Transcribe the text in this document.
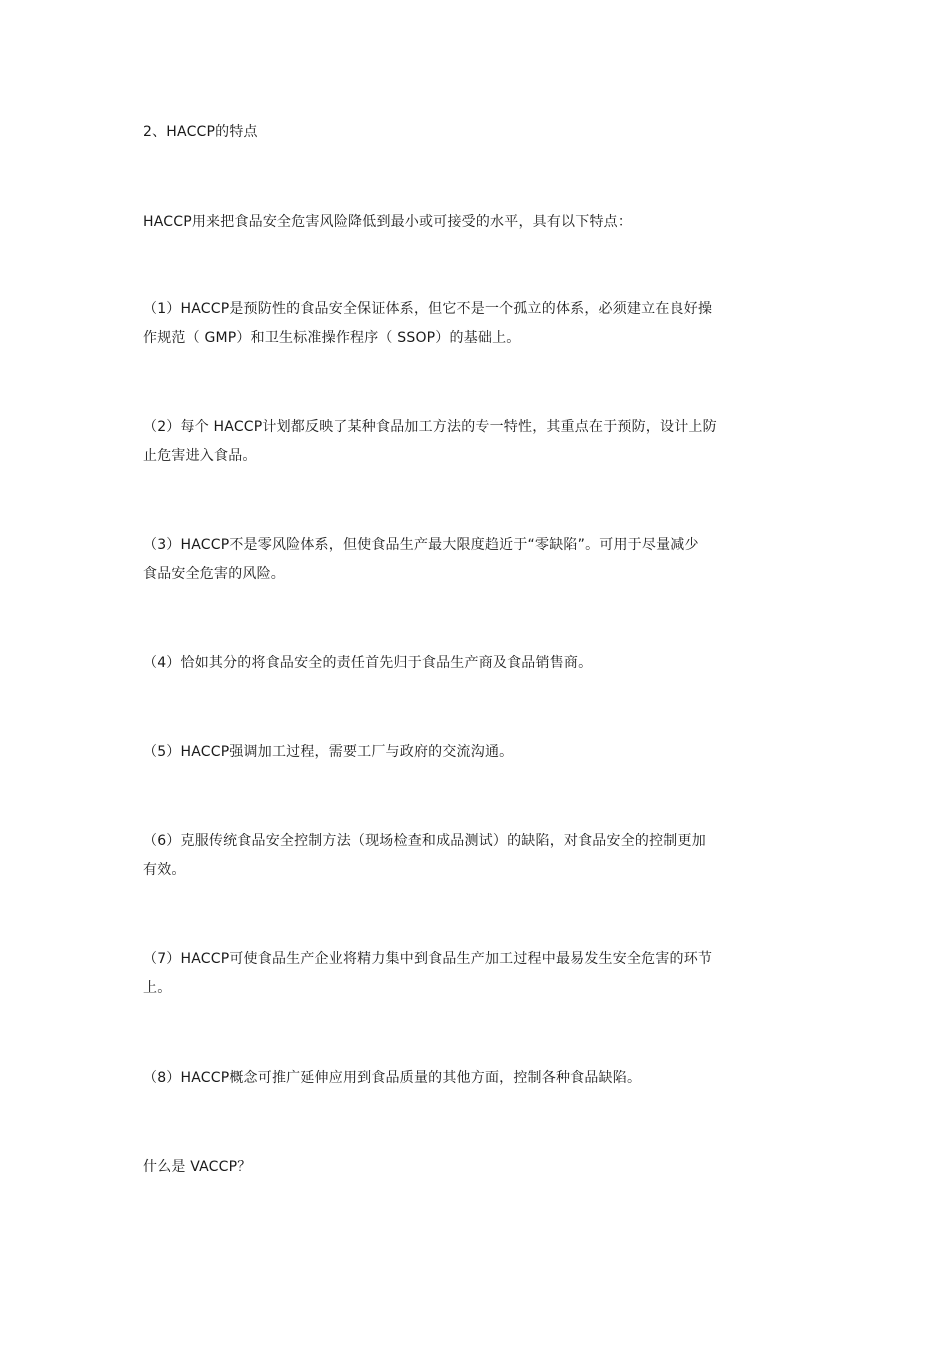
2、HACCP的特点
HACCP用来把食品安全危害风险降低到最小或可接受的水平，具有以下特点：
（1）HACCP是预防性的食品安全保证体系，但它不是一个孤立的体系，必须建立在良好操
作规范（ GMP）和卫生标准操作程序（ SSOP）的基础上。
（2）每个 HACCP计划都反映了某种食品加工方法的专一特性，其重点在于预防，设计上防
止危害进入食品。
（3）HACCP不是零风险体系，但使食品生产最大限度趋近于“零缺陷”。可用于尽量减少
食品安全危害的风险。
（4）恰如其分的将食品安全的责任首先归于食品生产商及食品销售商。
（5）HACCP强调加工过程，需要工厂与政府的交流沟通。
（6）克服传统食品安全控制方法（现场检查和成品测试）的缺陷，对食品安全的控制更加
有效。
（7）HACCP可使食品生产企业将精力集中到食品生产加工过程中最易发生安全危害的环节
上。
（8）HACCP概念可推广延伸应用到食品质量的其他方面，控制各种食品缺陷。
什么是 VACCP？
